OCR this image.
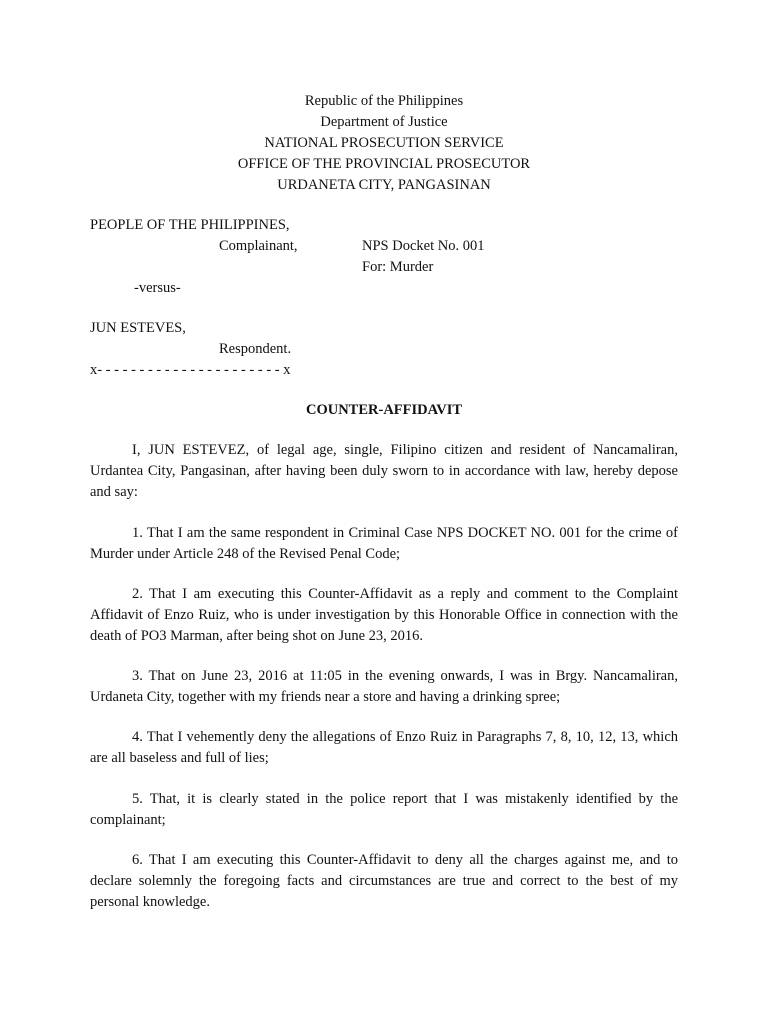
Republic of the Philippines
Department of Justice
NATIONAL PROSECUTION SERVICE
OFFICE OF THE PROVINCIAL PROSECUTOR
URDANETA CITY, PANGASINAN
PEOPLE OF THE PHILIPPINES,
Complainant,	NPS Docket No. 001
For: Murder
-versus-
JUN ESTEVES,
Respondent.
x- - - - - - - - - - - - - - - - - - - - - - x
COUNTER-AFFIDAVIT
I, JUN ESTEVEZ, of legal age, single, Filipino citizen and resident of Nancamaliran, Urdantea City, Pangasinan, after having been duly sworn to in accordance with law, hereby depose and say:
1. That I am the same respondent in Criminal Case NPS DOCKET NO. 001 for the crime of Murder under Article 248 of the Revised Penal Code;
2. That I am executing this Counter-Affidavit as a reply and comment to the Complaint Affidavit of Enzo Ruiz, who is under investigation by this Honorable Office in connection with the death of PO3 Marman, after being shot on June 23, 2016.
3. That on June 23, 2016 at 11:05 in the evening onwards, I was in Brgy. Nancamaliran, Urdaneta City, together with my friends near a store and having a drinking spree;
4. That I vehemently deny the allegations of Enzo Ruiz in Paragraphs 7, 8, 10, 12, 13, which are all baseless and full of lies;
5. That, it is clearly stated in the police report that I was mistakenly identified by the complainant;
6. That I am executing this Counter-Affidavit to deny all the charges against me, and to declare solemnly the foregoing facts and circumstances are true and correct to the best of my personal knowledge.
